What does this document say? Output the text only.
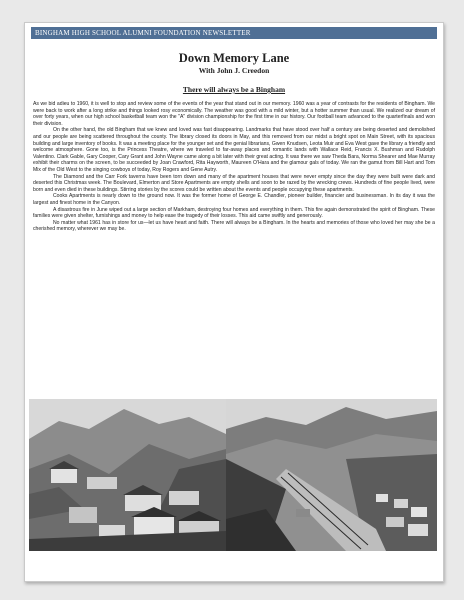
BINGHAM HIGH SCHOOL ALUMNI FOUNDATION NEWSLETTER
Down Memory Lane
With John J. Creedon
There will always be a Bingham

As we bid adieu to 1960, it is well to stop and review some of the events of the year that stand out in our memory. 1960 was a year of contrasts for the residents of Bingham. We were back to work after a long strike and things looked rosy economically. The weather was good with a mild winter, but a hotter summer than usual. We realized our dream of over forty years, when our high school basketball team won the "A" division championship for the first time in our history. Our football team advanced to the quarterfinals and won their division.

On the other hand, the old Bingham that we knew and loved was fast disappearing. Landmarks that have stood over half a century are being deserted and demolished and our people are being scattered throughout the county. The library closed its doors in May, and this removed from our midst a bright spot on Main Street, with its spacious building and large inventory of books. It was a meeting place for the younger set and the genial librarians, Gwen Knudsen, Leota Muir and Eva West gave the library a friendly and welcome atmosphere. Gone too, is the Princess Theatre, where we traveled to far-away places and romantic lands with Wallace Reid, Francis X. Bushman and Rudolph Valentino. Clark Gable, Gary Cooper, Cary Grant and John Wayne came along a bit later with their great acting. It was there we saw Theda Bara, Norma Shearer and Mae Murray exhibit their charms on the screen, to be succeeded by Joan Crawford, Rita Hayworth, Maureen O'Hara and the glamour gals of today. We ran the gamut from Bill Hart and Tom Mix of the Old West to the singing cowboys of today, Roy Rogers and Gene Autry.

The Diamond and the Carr Fork taverns have been torn down and many of the apartment houses that were never empty since the day they were built were dark and deserted this Christmas week. The Boulevard, Elmerton and Store Apartments are empty shells and soon to be razed by the wrecking crews. Hundreds of fine people lived, were born and even died in these buildings. Stirring stories by the scores could be written about the events and people occupying these apartments.

Cooks Apartments is nearly down to the ground now. It was the former home of George E. Chandler, pioneer builder, financier and businessman. In its day it was the largest and finest home in the Canyon.

A disastrous fire in June wiped out a large section of Markham, destroying four homes and everything in them. This fire again demonstrated the spirit of Bingham. These families were given shelter, furnishings and money to help ease the tragedy of their losses. This aid came swiftly and generously.

No matter what 1961 has in store for us—let us have heart and faith. There will always be a Bingham. In the hearts and memories of those who loved her may she be a cherished memory, wherever we may be.
